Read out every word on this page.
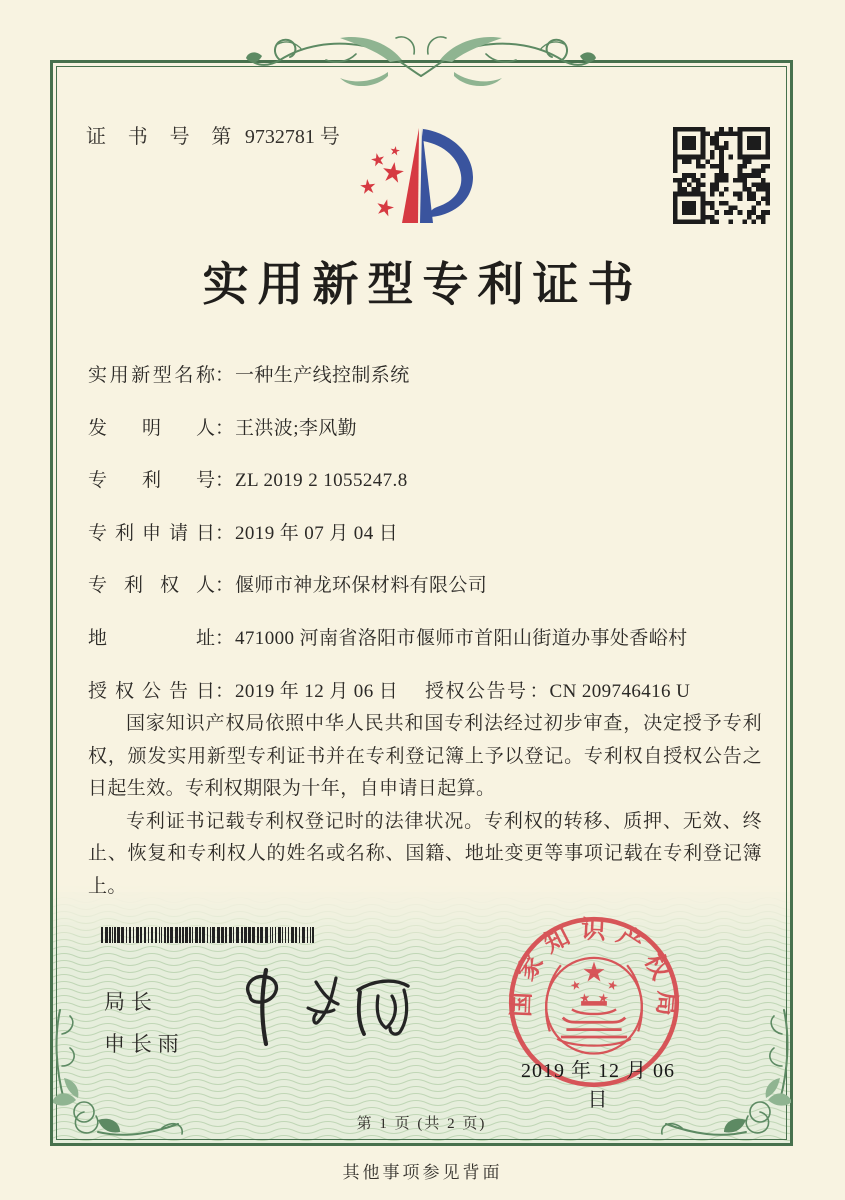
证 书 号 第 9732781 号
实用新型专利证书
实用新型名称：一种生产线控制系统
发明人：王洪波;李风勤
专利号：ZL 2019 2 1055247.8
专利申请日：2019 年 07 月 04 日
专利权人：偃师市神龙环保材料有限公司
地址：471000 河南省洛阳市偃师市首阳山街道办事处香峪村
授权公告日：2019 年 12 月 06 日 授权公告号 ：CN 209746416 U

国家知识产权局依照中华人民共和国专利法经过初步审查，决定授予专利权，颁发实用新型专利证书并在专利登记簿上予以登记。专利权自授权公告之日起生效。专利权期限为十年，自申请日起算。

专利证书记载专利权登记时的法律状况。专利权的转移、质押、无效、终止、恢复和专利权人的姓名或名称、国籍、地址变更等事项记载在专利登记簿上。

局长
申长雨
国家知识产权局
2019 年 12 月 06 日
第 1 页 (共 2 页)
其他事项参见背面
